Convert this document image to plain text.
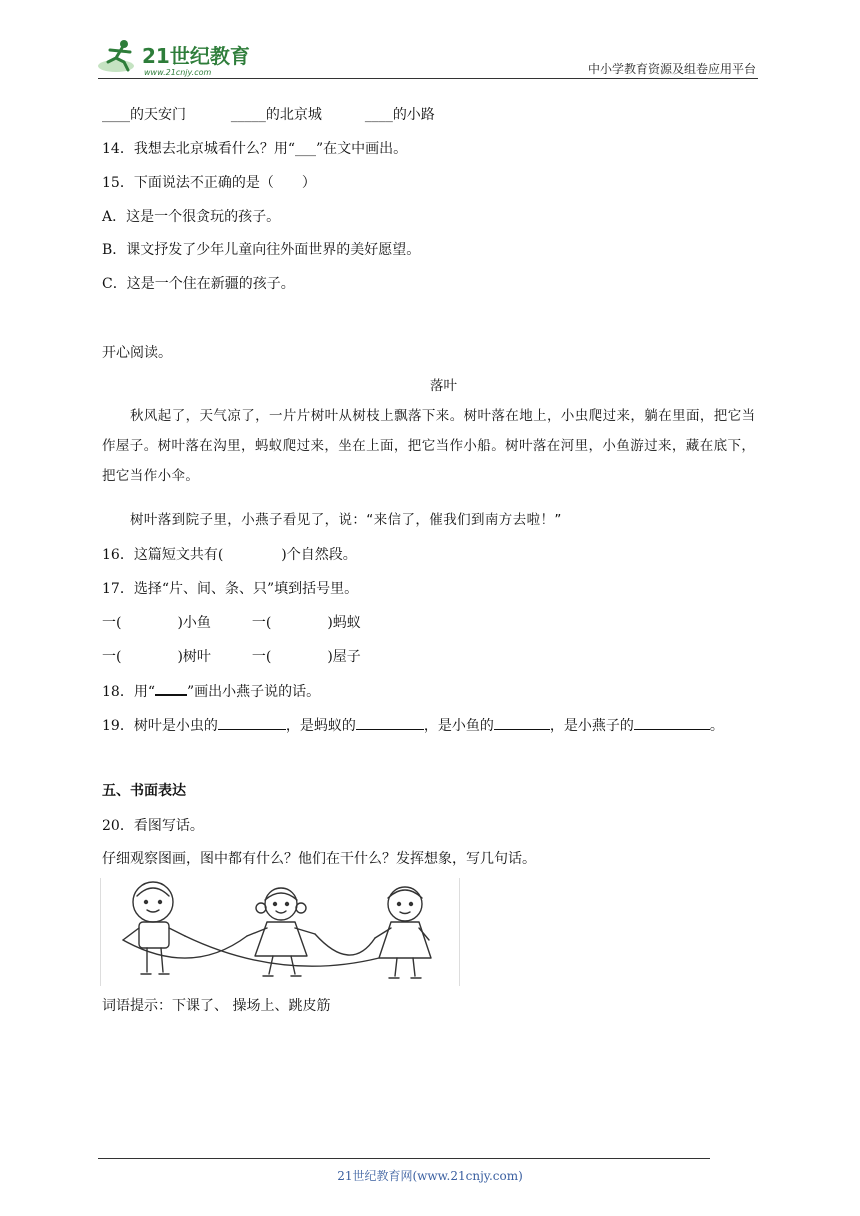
21世纪教育
www.21cnjy.com	中小学教育资源及组卷应用平台
____的天安门	_____的北京城	____的小路
14．我想去北京城看什么？用“___”在文中画出。
15．下面说法不正确的是（　　）
A．这是一个很贪玩的孩子。
B．课文抒发了少年儿童向往外面世界的美好愿望。
C．这是一个住在新疆的孩子。
开心阅读。
落叶
秋风起了，天气凉了，一片片树叶从树枝上飘落下来。树叶落在地上，小虫爬过来，躺在里面，把它当作屋子。树叶落在沟里，蚂蚁爬过来，坐在上面，把它当作小船。树叶落在河里，小鱼游过来，藏在底下，把它当作小伞。
树叶落到院子里，小燕子看见了，说：“来信了，催我们到南方去啦！”
16．这篇短文共有(	)个自然段。
17．选择“片、间、条、只”填到括号里。
一(	)小鱼	一(	)蚂蚁
一(	)树叶	一(	)屋子
18．用“ ”画出小燕子说的话。
19．树叶是小虫的	，是蚂蚁的	，是小鱼的	，是小燕子的	。
五、书面表达
20．看图写话。
仔细观察图画，图中都有什么？他们在干什么？发挥想象，写几句话。
词语提示：下课了、 操场上、跳皮筋
21世纪教育网(www.21cnjy.com)
